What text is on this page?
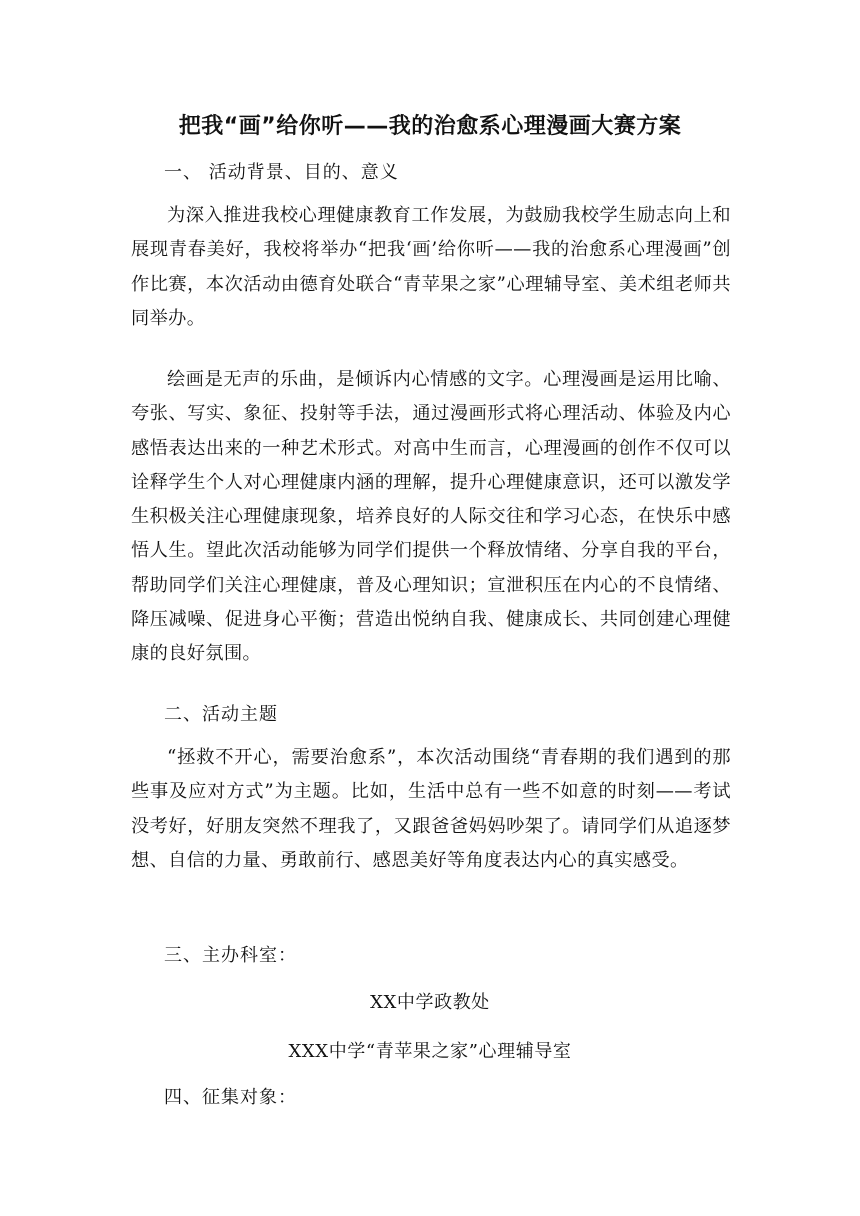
把我“画”给你听——我的治愈系心理漫画大赛方案
一、 活动背景、目的、意义

为深入推进我校心理健康教育工作发展，为鼓励我校学生励志向上和展现青春美好，我校将举办“把我‘画’给你听——我的治愈系心理漫画”创作比赛，本次活动由德育处联合“青苹果之家”心理辅导室、美术组老师共同举办。

绘画是无声的乐曲，是倾诉内心情感的文字。心理漫画是运用比喻、夸张、写实、象征、投射等手法，通过漫画形式将心理活动、体验及内心感悟表达出来的一种艺术形式。对高中生而言，心理漫画的创作不仅可以诠释学生个人对心理健康内涵的理解，提升心理健康意识，还可以激发学生积极关注心理健康现象，培养良好的人际交往和学习心态，在快乐中感悟人生。望此次活动能够为同学们提供一个释放情绪、分享自我的平台，帮助同学们关注心理健康，普及心理知识；宣泄积压在内心的不良情绪、降压减噪、促进身心平衡；营造出悦纳自我、健康成长、共同创建心理健康的良好氛围。

二、活动主题

“拯救不开心，需要治愈系”，本次活动围绕“青春期的我们遇到的那些事及应对方式”为主题。比如，生活中总有一些不如意的时刻——考试没考好，好朋友突然不理我了，又跟爸爸妈妈吵架了。请同学们从追逐梦想、自信的力量、勇敢前行、感恩美好等角度表达内心的真实感受。

三、主办科室：
XX中学政教处
XXX中学“青苹果之家”心理辅导室
四、征集对象：
